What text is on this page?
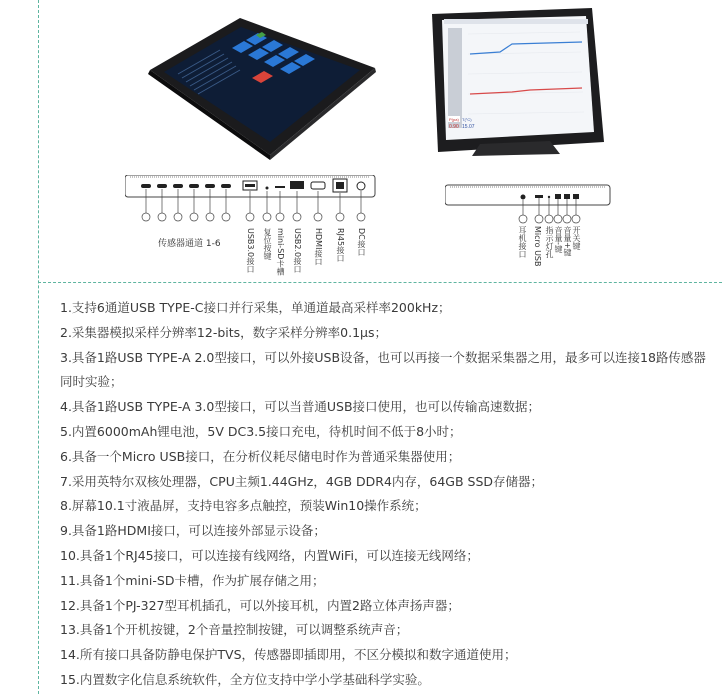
P(pa) T(°C)
0.90 15.07
传感器通道 1-6	USB3.0接口 复位按键 mini-SD卡槽 USB2.0接口 HDMI接口 RJ45接口 DC接口	耳机接口 Micro USB 指示灯孔 音量-键 音量+键 开关键
1.支持6通道USB TYPE-C接口并行采集，单通道最高采样率200kHz；
2.采集器模拟采样分辨率12-bits，数字采样分辨率0.1μs；
3.具备1路USB TYPE-A 2.0型接口，可以外接USB设备，也可以再接一个数据采集器之用，最多可以连接18路传感器同时实验；
4.具备1路USB TYPE-A 3.0型接口，可以当普通USB接口使用，也可以传输高速数据；
5.内置6000mAh锂电池，5V DC3.5接口充电，待机时间不低于8小时；
6.具备一个Micro USB接口，在分析仪耗尽储电时作为普通采集器使用；
7.采用英特尔双核处理器，CPU主频1.44GHz，4GB DDR4内存，64GB SSD存储器；
8.屏幕10.1寸液晶屏，支持电容多点触控，预装Win10操作系统；
9.具备1路HDMI接口，可以连接外部显示设备；
10.具备1个RJ45接口，可以连接有线网络，内置WiFi，可以连接无线网络；
11.具备1个mini-SD卡槽，作为扩展存储之用；
12.具备1个PJ-327型耳机插孔，可以外接耳机，内置2路立体声扬声器；
13.具备1个开机按键，2个音量控制按键，可以调整系统声音；
14.所有接口具备防静电保护TVS，传感器即插即用，不区分模拟和数字通道使用；
15.内置数字化信息系统软件，全方位支持中学小学基础科学实验。
